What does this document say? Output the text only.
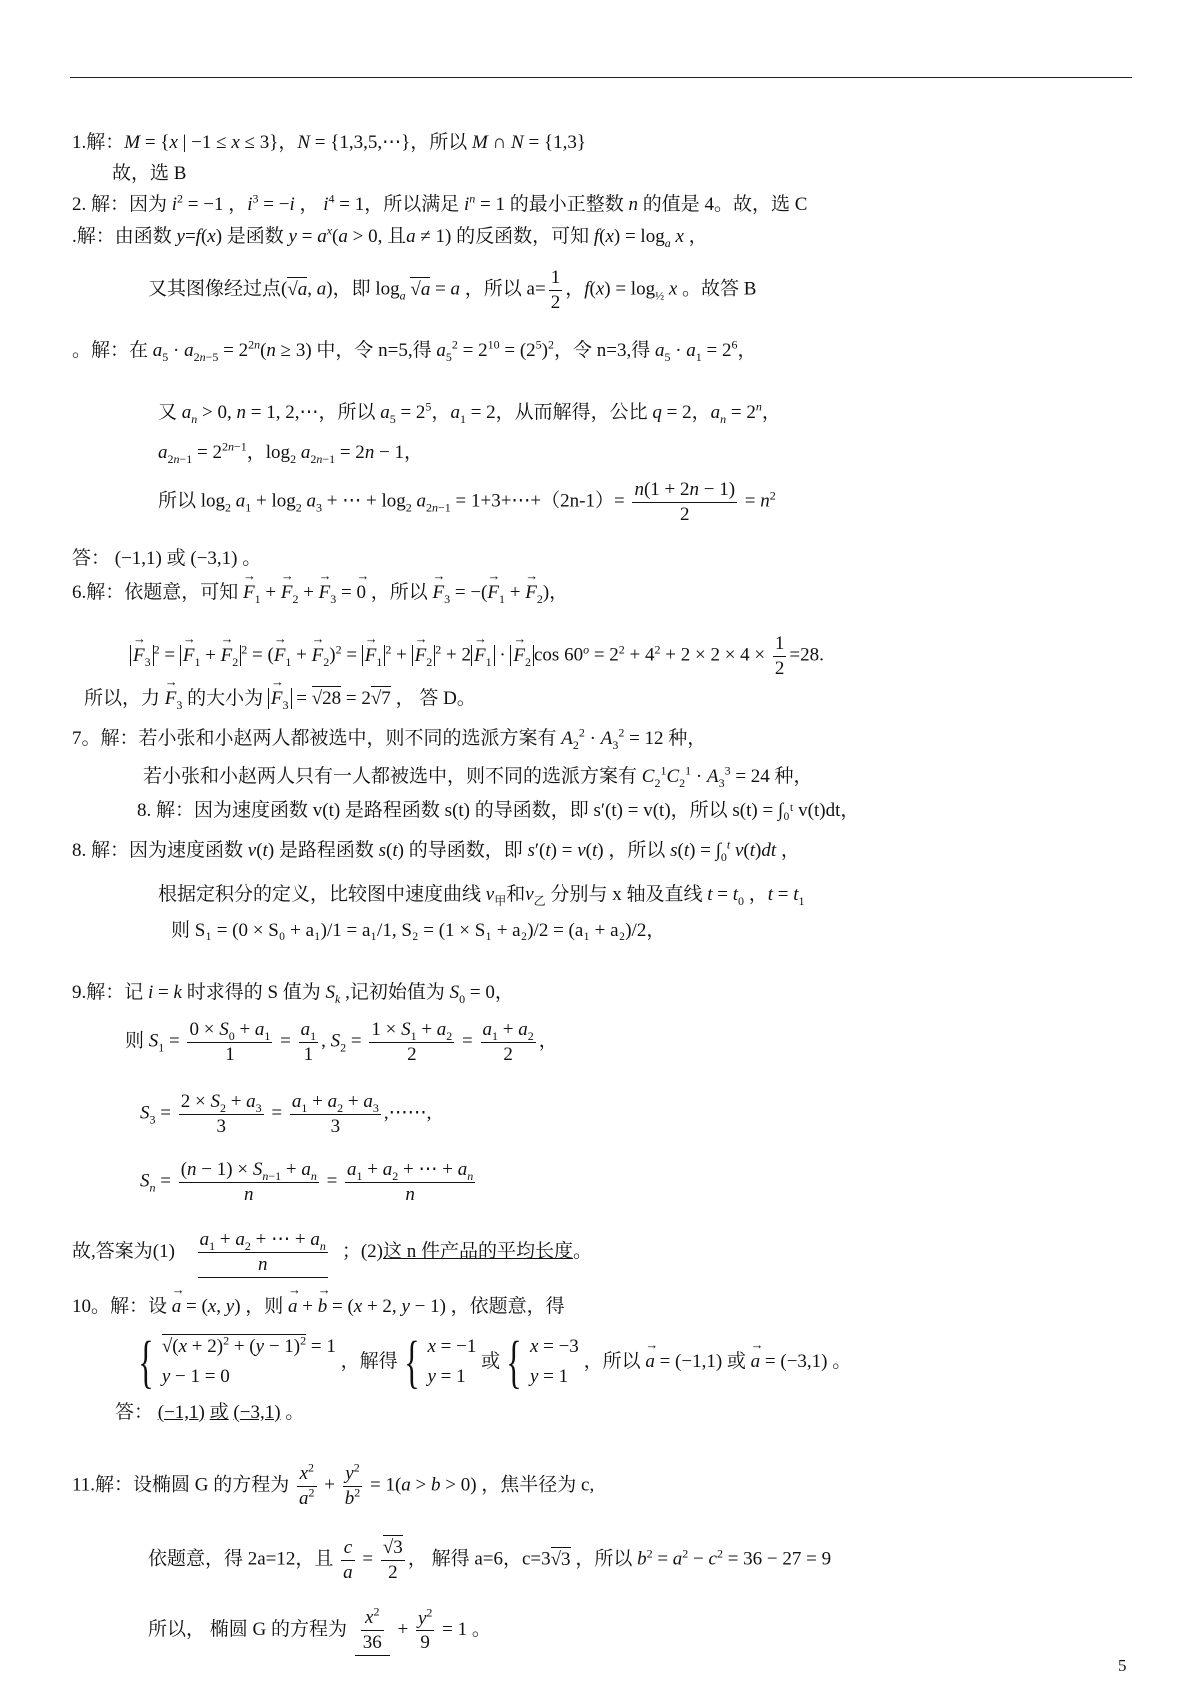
1.解：M = {x | −1 ≤ x ≤ 3}，N = {1,3,5,⋯}，所以 M ∩ N = {1,3}
故，选 B
2. 解：因为 $i^2 = -1$ ，$i^3 = -i$ ， $i^4 = 1$，所以满足 $i^n = 1$ 的最小正整数 n 的值是 4。故，选 C
.解：由函数 y=f(x) 是函数 $y = a^x(a > 0$, 且a ≠ 1) 的反函数，可知 $f(x) = \log_a x$ ，
又其图像经过点(√a, a)，即 $\log_a √a = a$ ，所以 $a= \frac{1}{2}$ ，$f(x) = \log_{\frac{1}{2}} x$ 。故答 B
。解：在 $a_5 \cdot a_{2n-5} = 2^{2n}(n \ge 3)$ 中，令 n=5,得 $a_5^2 = 2^{10} = (2^5)^2$，令 n=3,得 $a_5 \cdot a_1 = 2^6$，
又 $a_n > 0$, n = 1, 2,⋯，所以 $a_5 = 2^5$，$a_1 = 2$，从而解得，公比 q = 2，$a_n = 2^n$，
$a_{2n-1} = 2^{2n-1}$，$\log_2 a_{2n-1} = 2n - 1$，
所以 $\log_2 a_1 + \log_2 a_3$ + ⋯ + $\log_2 a_{2n-1}$ = 1+3+⋯+（2n-1）= $\frac{n(1 + 2n - 1)}{2} = n^2$
答： (−1,1) 或 (−3,1) 。
6.解：依题意，可知 → $F_1$ + → $F_2$ + → $F_3$ = → 0 ，所以 → $F_3$ = −(→ $F_1$ + → $F_2$)，
→ $F_3^2$ = → $F_1$ + → $F_2^2$ = (→ $F_1$ + → $F_2)^2$ = → $F_1^2$ + → $F_2^2 + 2 \to F_1$ · → $F_2$ $\cos 60^o = 2^2 + 4^2 + 2 \times 2 \times 4 \times \frac{1}{2} =28$.
所以，力 → $F_3$ 的大小为 → $F_3 = √28 = 2√7$ ， 答 D。
7。解：若小张和小赵两人都被选中，则不同的选派方案有 $A_2^2 \cdot A_3^2 = 12$ 种，
若小张和小赵两人只有一人都被选中，则不同的选派方案有 $C_2^1C_2^1 \cdot A_3^3 = 24$ 种，
8. 解：因为速度函数 v(t) 是路程函数 s(t) 的导函数，即 s′(t) = v(t)，所以 s(t) = ∫₀ᵗ v(t)dt，
8. 解：因为速度函数 v(t) 是路程函数 s(t) 的导函数，即 s′(t) = v(t) ，所以 $s(t) = \int_0^t$ v(t)dt ，
根据定积分的定义，比较图中速度曲线 $v_甲$和$v_乙$ 分别与 x 轴及直线 $t = t_0$ ，$t = t_1$
则 S₁ = (0 × S₀ + a₁)/1 = a₁/1, S₂ = (1 × S₁ + a₂)/2 = (a₁ + a₂)/2，
9.解：记 i = k 时求得的 S 值为 $S_k$ ,记初始值为 $S_0 = 0$，
则 $S_1 = \frac{0 \times S_0 + a_1}{1} = \frac{a_1}{1}$ , $S_2 = \frac{1 \times S_1 + a_2}{2} = \frac{a_1 + a_2}{2}$ ，
$S_3 = \frac{2 \times S_2 + a_3}{3} = \frac{a_1 + a_2 + a_3}{3}$ ,⋯⋯,
$S_n = \frac{(n - 1) \times S_{n-1} + a_n}{n} = \frac{a_1 + a_2 + \cdots + a_n}{n}$
故,答案为$(1) \frac{a_1 + a_2 + \cdots + a_n}{n}$ ；(2)这 n 件产品的平均长度。
10。解：设 → a = (x, y) ，则 → a + → b = (x + 2, y − 1) ，依题意，得
{ $√(x + 2)^2 + (y - 1)^2 = 1$
y − 1 = 0
，解得 { x = −1
y = 1
或 { x = −3
y = 1
，所以 → a = (−1,1) 或 → a = (−3,1) 。
答： (−1,1) 或 (−3,1) 。
11.解：设椭圆 G 的方程为 $\frac{x^2}{a^2} + \frac{y^2}{b^2} = 1(a > b > 0)$ ，焦半径为 c,
依题意，得 2a=12，且 $\frac{c}{a} = \frac{√3}{2}$ ， 解得 a=6，c=3√3 ，所以 $b^2 = a^2 - c^2 = 36 - 27 = 9$
所以， 椭圆 G 的方程为 $\frac{x^2}{36} + \frac{y^2}{9} = 1$ 。
5
